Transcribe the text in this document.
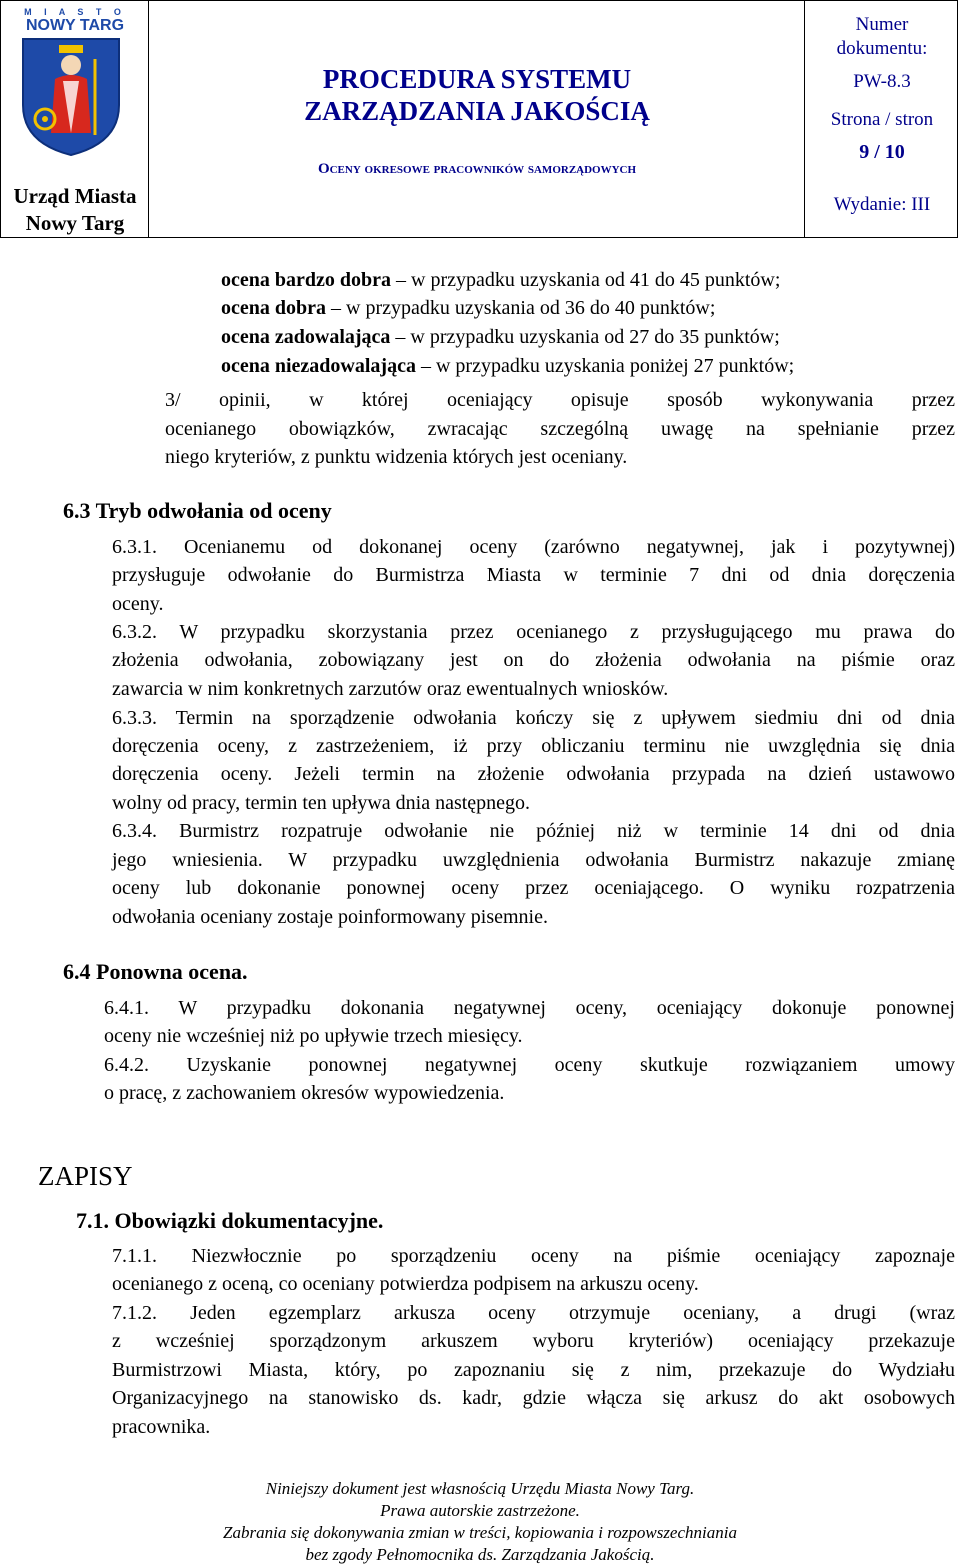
M I A S T O
NOWY TARG
Urząd Miasta
Nowy Targ
PROCEDURA SYSTEMU
ZARZĄDZANIA JAKOŚCIĄ
Oceny okresowe pracowników samorządowych
Numer
dokumentu:
PW-8.3
Strona / stron
9 / 10
Wydanie: III
ocena bardzo dobra – w przypadku uzyskania od 41 do 45 punktów;
ocena dobra – w przypadku uzyskania od 36 do 40 punktów;
ocena zadowalająca – w przypadku uzyskania od 27 do 35 punktów;
ocena niezadowalająca – w przypadku uzyskania poniżej 27 punktów;
3/ opinii, w której oceniający opisuje sposób wykonywania przez
ocenianego obowiązków, zwracając szczególną uwagę na spełnianie przez
niego kryteriów, z punktu widzenia których jest oceniany.
6.3 Tryb odwołania od oceny
6.3.1. Ocenianemu od dokonanej oceny (zarówno negatywnej, jak i pozytywnej)
przysługuje odwołanie do Burmistrza Miasta w terminie 7 dni od dnia doręczenia
oceny.
6.3.2. W przypadku skorzystania przez ocenianego z przysługującego mu prawa do
złożenia odwołania, zobowiązany jest on do złożenia odwołania na piśmie oraz
zawarcia w nim konkretnych zarzutów oraz ewentualnych wniosków.
6.3.3. Termin na sporządzenie odwołania kończy się z upływem siedmiu dni od dnia
doręczenia oceny, z zastrzeżeniem, iż przy obliczaniu terminu nie uwzględnia się dnia
doręczenia oceny. Jeżeli termin na złożenie odwołania przypada na dzień ustawowo
wolny od pracy, termin ten upływa dnia następnego.
6.3.4. Burmistrz rozpatruje odwołanie nie później niż w terminie 14 dni od dnia
jego wniesienia. W przypadku uwzględnienia odwołania Burmistrz nakazuje zmianę
oceny lub dokonanie ponownej oceny przez oceniającego. O wyniku rozpatrzenia
odwołania oceniany zostaje poinformowany pisemnie.
6.4 Ponowna ocena.
6.4.1. W przypadku dokonania negatywnej oceny, oceniający dokonuje ponownej
oceny nie wcześniej niż po upływie trzech miesięcy.
6.4.2. Uzyskanie ponownej negatywnej oceny skutkuje rozwiązaniem umowy
o pracę, z zachowaniem okresów wypowiedzenia.
ZAPISY
7.1. Obowiązki dokumentacyjne.
7.1.1. Niezwłocznie po sporządzeniu oceny na piśmie oceniający zapoznaje
ocenianego z oceną, co oceniany potwierdza podpisem na arkuszu oceny.
7.1.2. Jeden egzemplarz arkusza oceny otrzymuje oceniany, a drugi (wraz
z wcześniej sporządzonym arkuszem wyboru kryteriów) oceniający przekazuje
Burmistrzowi Miasta, który, po zapoznaniu się z nim, przekazuje do Wydziału
Organizacyjnego na stanowisko ds. kadr, gdzie włącza się arkusz do akt osobowych
pracownika.
Niniejszy dokument jest własnością Urzędu Miasta Nowy Targ.
Prawa autorskie zastrzeżone.
Zabrania się dokonywania zmian w treści, kopiowania i rozpowszechniania
bez zgody Pełnomocnika ds. Zarządzania Jakością.
